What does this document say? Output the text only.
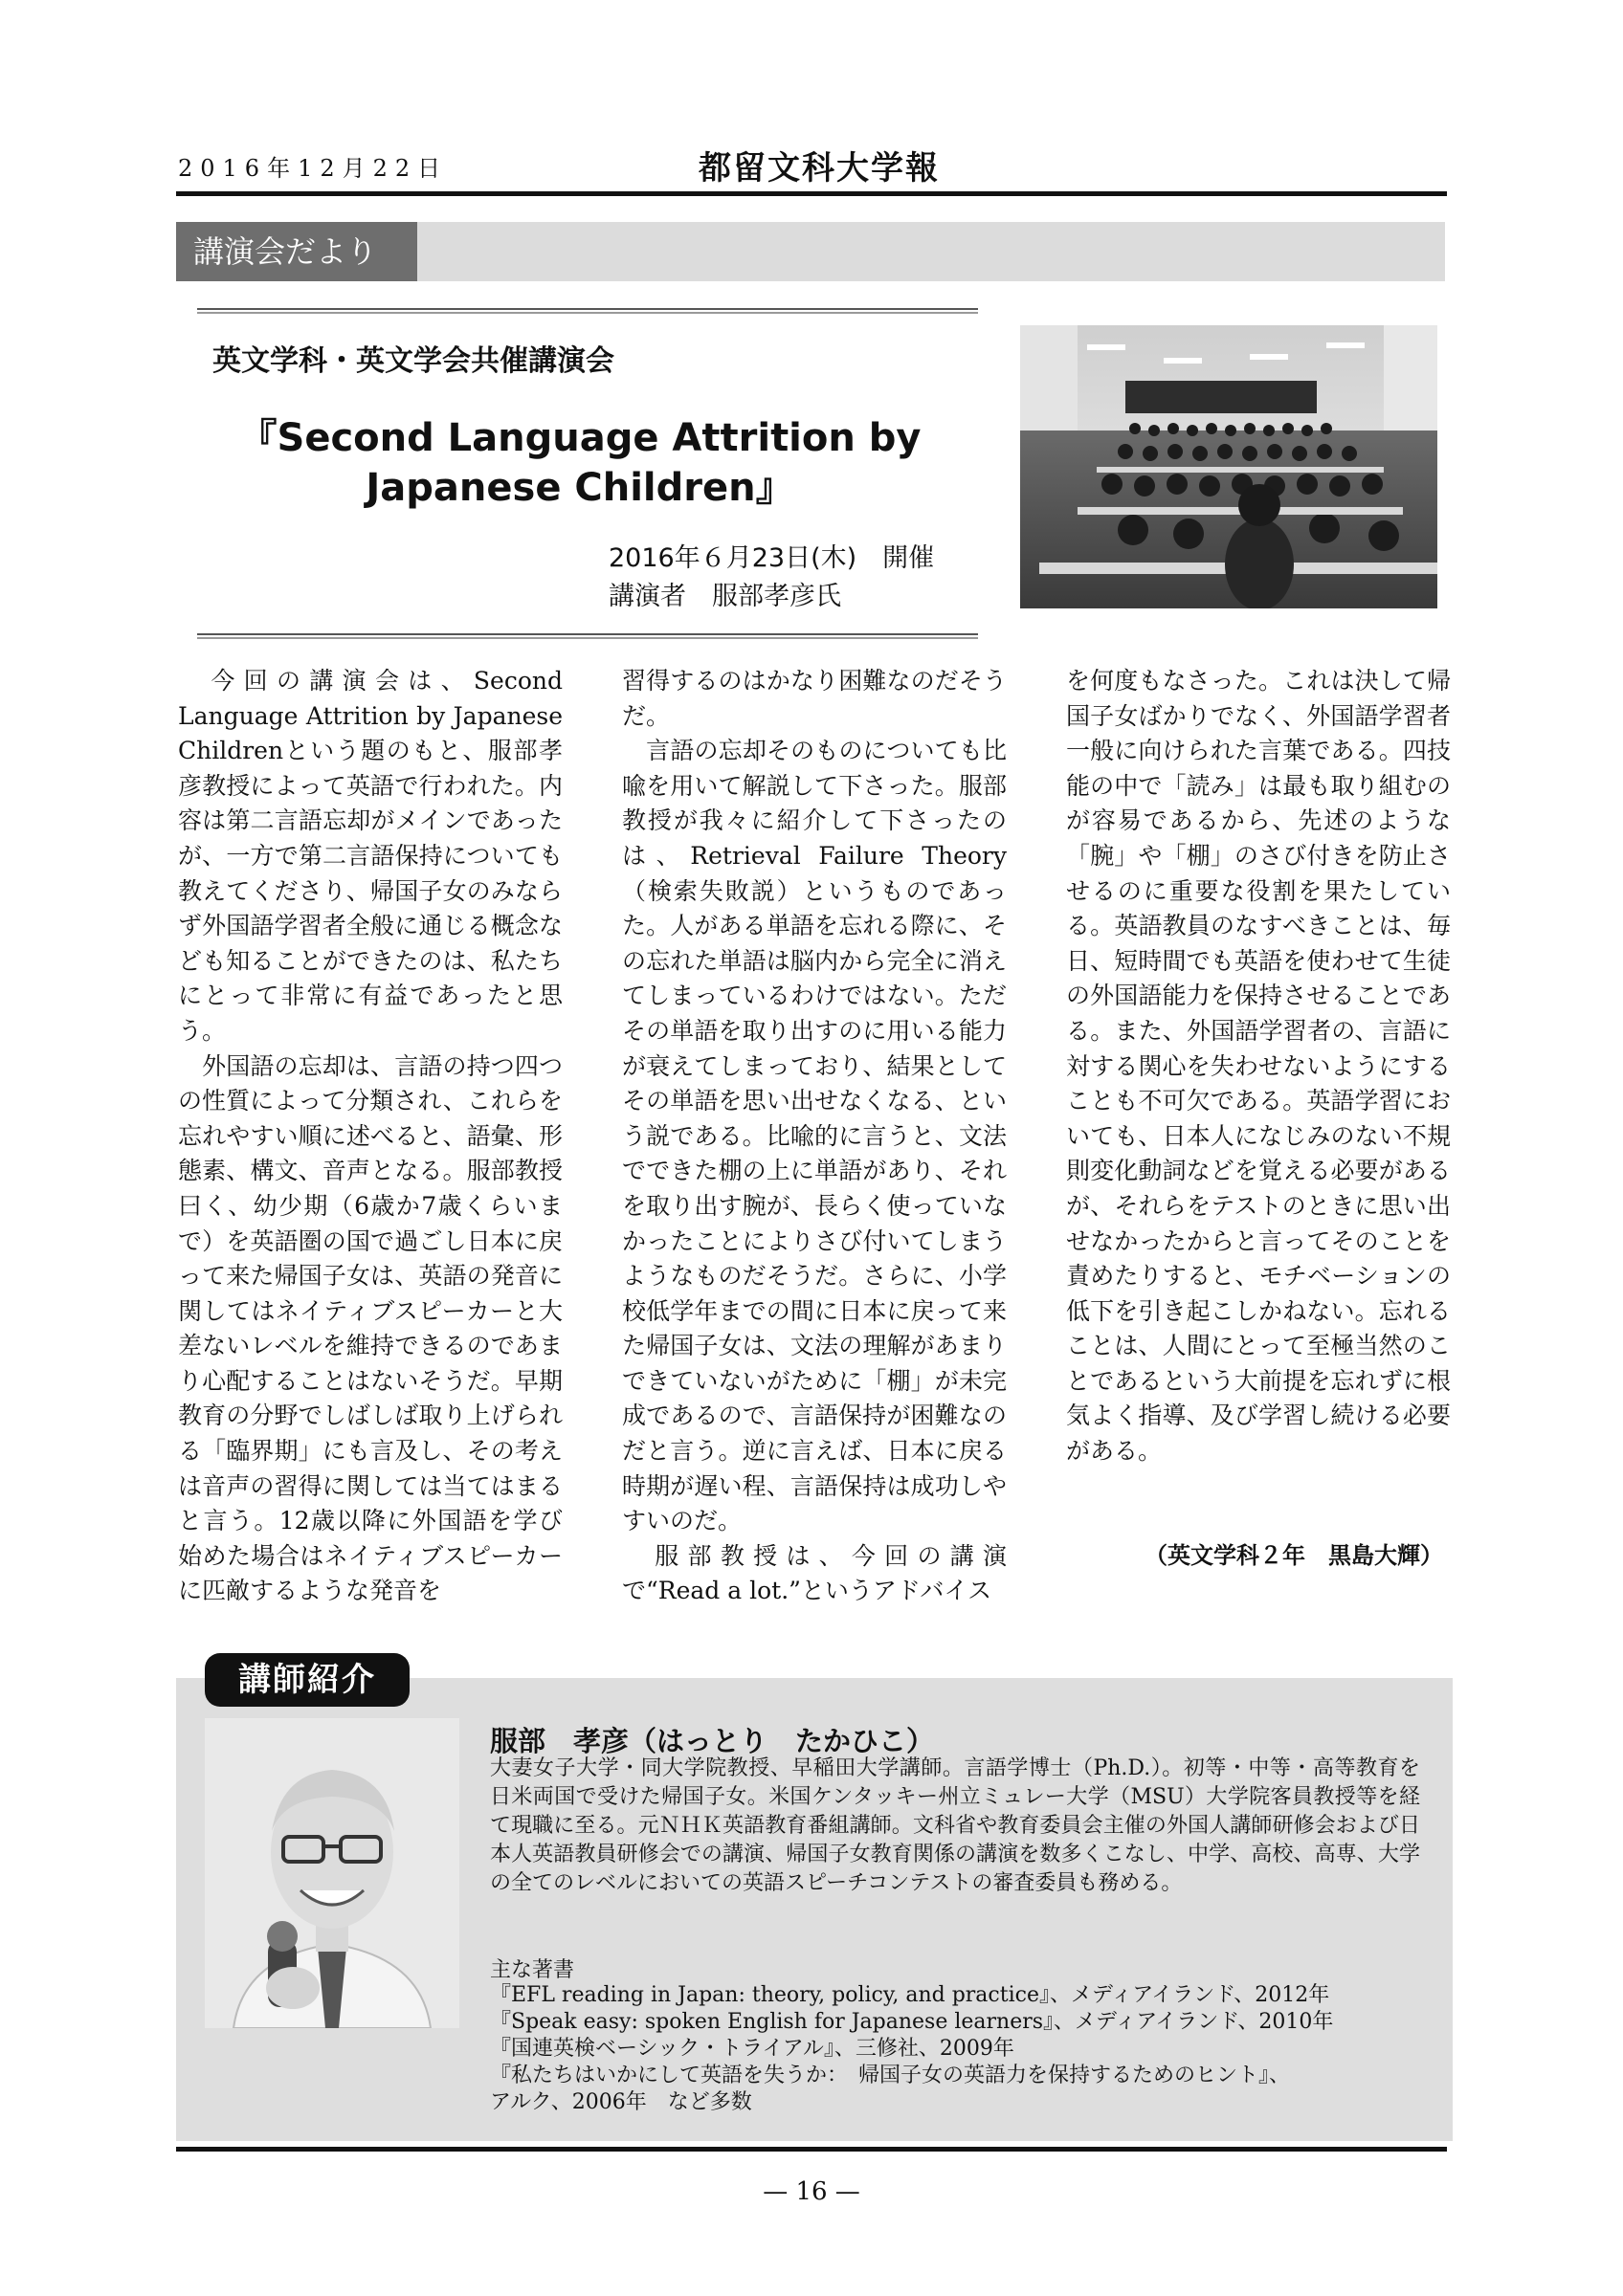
2016年12月22日	都留文科大学報
講演会だより
英文学科・英文学会共催講演会
『Second Language Attrition by Japanese Children』
2016年６月23日(木)　開催
講演者　服部孝彦氏

　今回の講演会は、Second Language Attrition by Japanese Childrenという題のもと、服部孝彦教授によって英語で行われた。内容は第二言語忘却がメインであったが、一方で第二言語保持についても教えてくださり、帰国子女のみならず外国語学習者全般に通じる概念なども知ることができたのは、私たちにとって非常に有益であったと思う。

　外国語の忘却は、言語の持つ四つの性質によって分類され、これらを忘れやすい順に述べると、語彙、形態素、構文、音声となる。服部教授曰く、幼少期（6歳か7歳くらいまで）を英語圏の国で過ごし日本に戻って来た帰国子女は、英語の発音に関してはネイティブスピーカーと大差ないレベルを維持できるのであまり心配することはないそうだ。早期教育の分野でしばしば取り上げられる「臨界期」にも言及し、その考えは音声の習得に関しては当てはまると言う。12歳以降に外国語を学び始めた場合はネイティブスピーカーに匹敵するような発音を

習得するのはかなり困難なのだそうだ。

　言語の忘却そのものについても比喩を用いて解説して下さった。服部教授が我々に紹介して下さったのは、Retrieval Failure Theory（検索失敗説）というものであった。人がある単語を忘れる際に、その忘れた単語は脳内から完全に消えてしまっているわけではない。ただその単語を取り出すのに用いる能力が衰えてしまっており、結果としてその単語を思い出せなくなる、という説である。比喩的に言うと、文法でできた棚の上に単語があり、それを取り出す腕が、長らく使っていなかったことによりさび付いてしまうようなものだそうだ。さらに、小学校低学年までの間に日本に戻って来た帰国子女は、文法の理解があまりできていないがために「棚」が未完成であるので、言語保持が困難なのだと言う。逆に言えば、日本に戻る時期が遅い程、言語保持は成功しやすいのだ。

　服部教授は、今回の講演で“Read a lot.”というアドバイス

を何度もなさった。これは決して帰国子女ばかりでなく、外国語学習者一般に向けられた言葉である。四技能の中で「読み」は最も取り組むのが容易であるから、先述のような「腕」や「棚」のさび付きを防止させるのに重要な役割を果たしている。英語教員のなすべきことは、毎日、短時間でも英語を使わせて生徒の外国語能力を保持させることである。また、外国語学習者の、言語に対する関心を失わせないようにすることも不可欠である。英語学習においても、日本人になじみのない不規則変化動詞などを覚える必要があるが、それらをテストのときに思い出せなかったからと言ってそのことを責めたりすると、モチベーションの低下を引き起こしかねない。忘れることは、人間にとって至極当然のことであるという大前提を忘れずに根気よく指導、及び学習し続ける必要がある。

（英文学科２年　黒島大輝）
講師紹介
服部　孝彦（はっとり　たかひこ）
大妻女子大学・同大学院教授、早稲田大学講師。言語学博士（Ph.D.）。初等・中等・高等教育を日米両国で受けた帰国子女。米国ケンタッキー州立ミュレー大学（MSU）大学院客員教授等を経て現職に至る。元ＮＨＫ英語教育番組講師。文科省や教育委員会主催の外国人講師研修会および日本人英語教員研修会での講演、帰国子女教育関係の講演を数多くこなし、中学、高校、高専、大学の全てのレベルにおいての英語スピーチコンテストの審査委員も務める。
主な著書
『EFL reading in Japan: theory, policy, and practice』、メディアイランド、2012年
『Speak easy: spoken English for Japanese learners』、メディアイランド、2010年
『国連英検ベーシック・トライアル』、三修社、2009年
『私たちはいかにして英語を失うか：　帰国子女の英語力を保持するためのヒント』、
アルク、2006年　など多数
— 16 —
